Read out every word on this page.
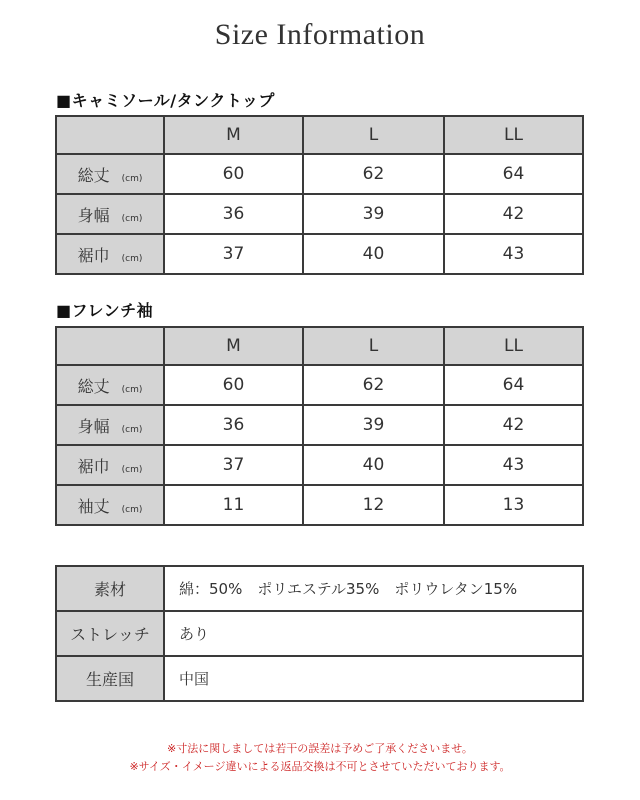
Size Information
■キャミソール/タンクトップ
	M	L	LL
総丈 (cm)	60	62	64
身幅 (cm)	36	39	42
裾巾 (cm)	37	40	43
■フレンチ袖
	M	L	LL
総丈 (cm)	60	62	64
身幅 (cm)	36	39	42
裾巾 (cm)	37	40	43
袖丈 (cm)	11	12	13
素材	綿：50%　ポリエステル35%　ポリウレタン15%
ストレッチ	あり
生産国	中国
※寸法に関しましては若干の誤差は予めご了承くださいませ。
※サイズ・イメージ違いによる返品交換は不可とさせていただいております。
